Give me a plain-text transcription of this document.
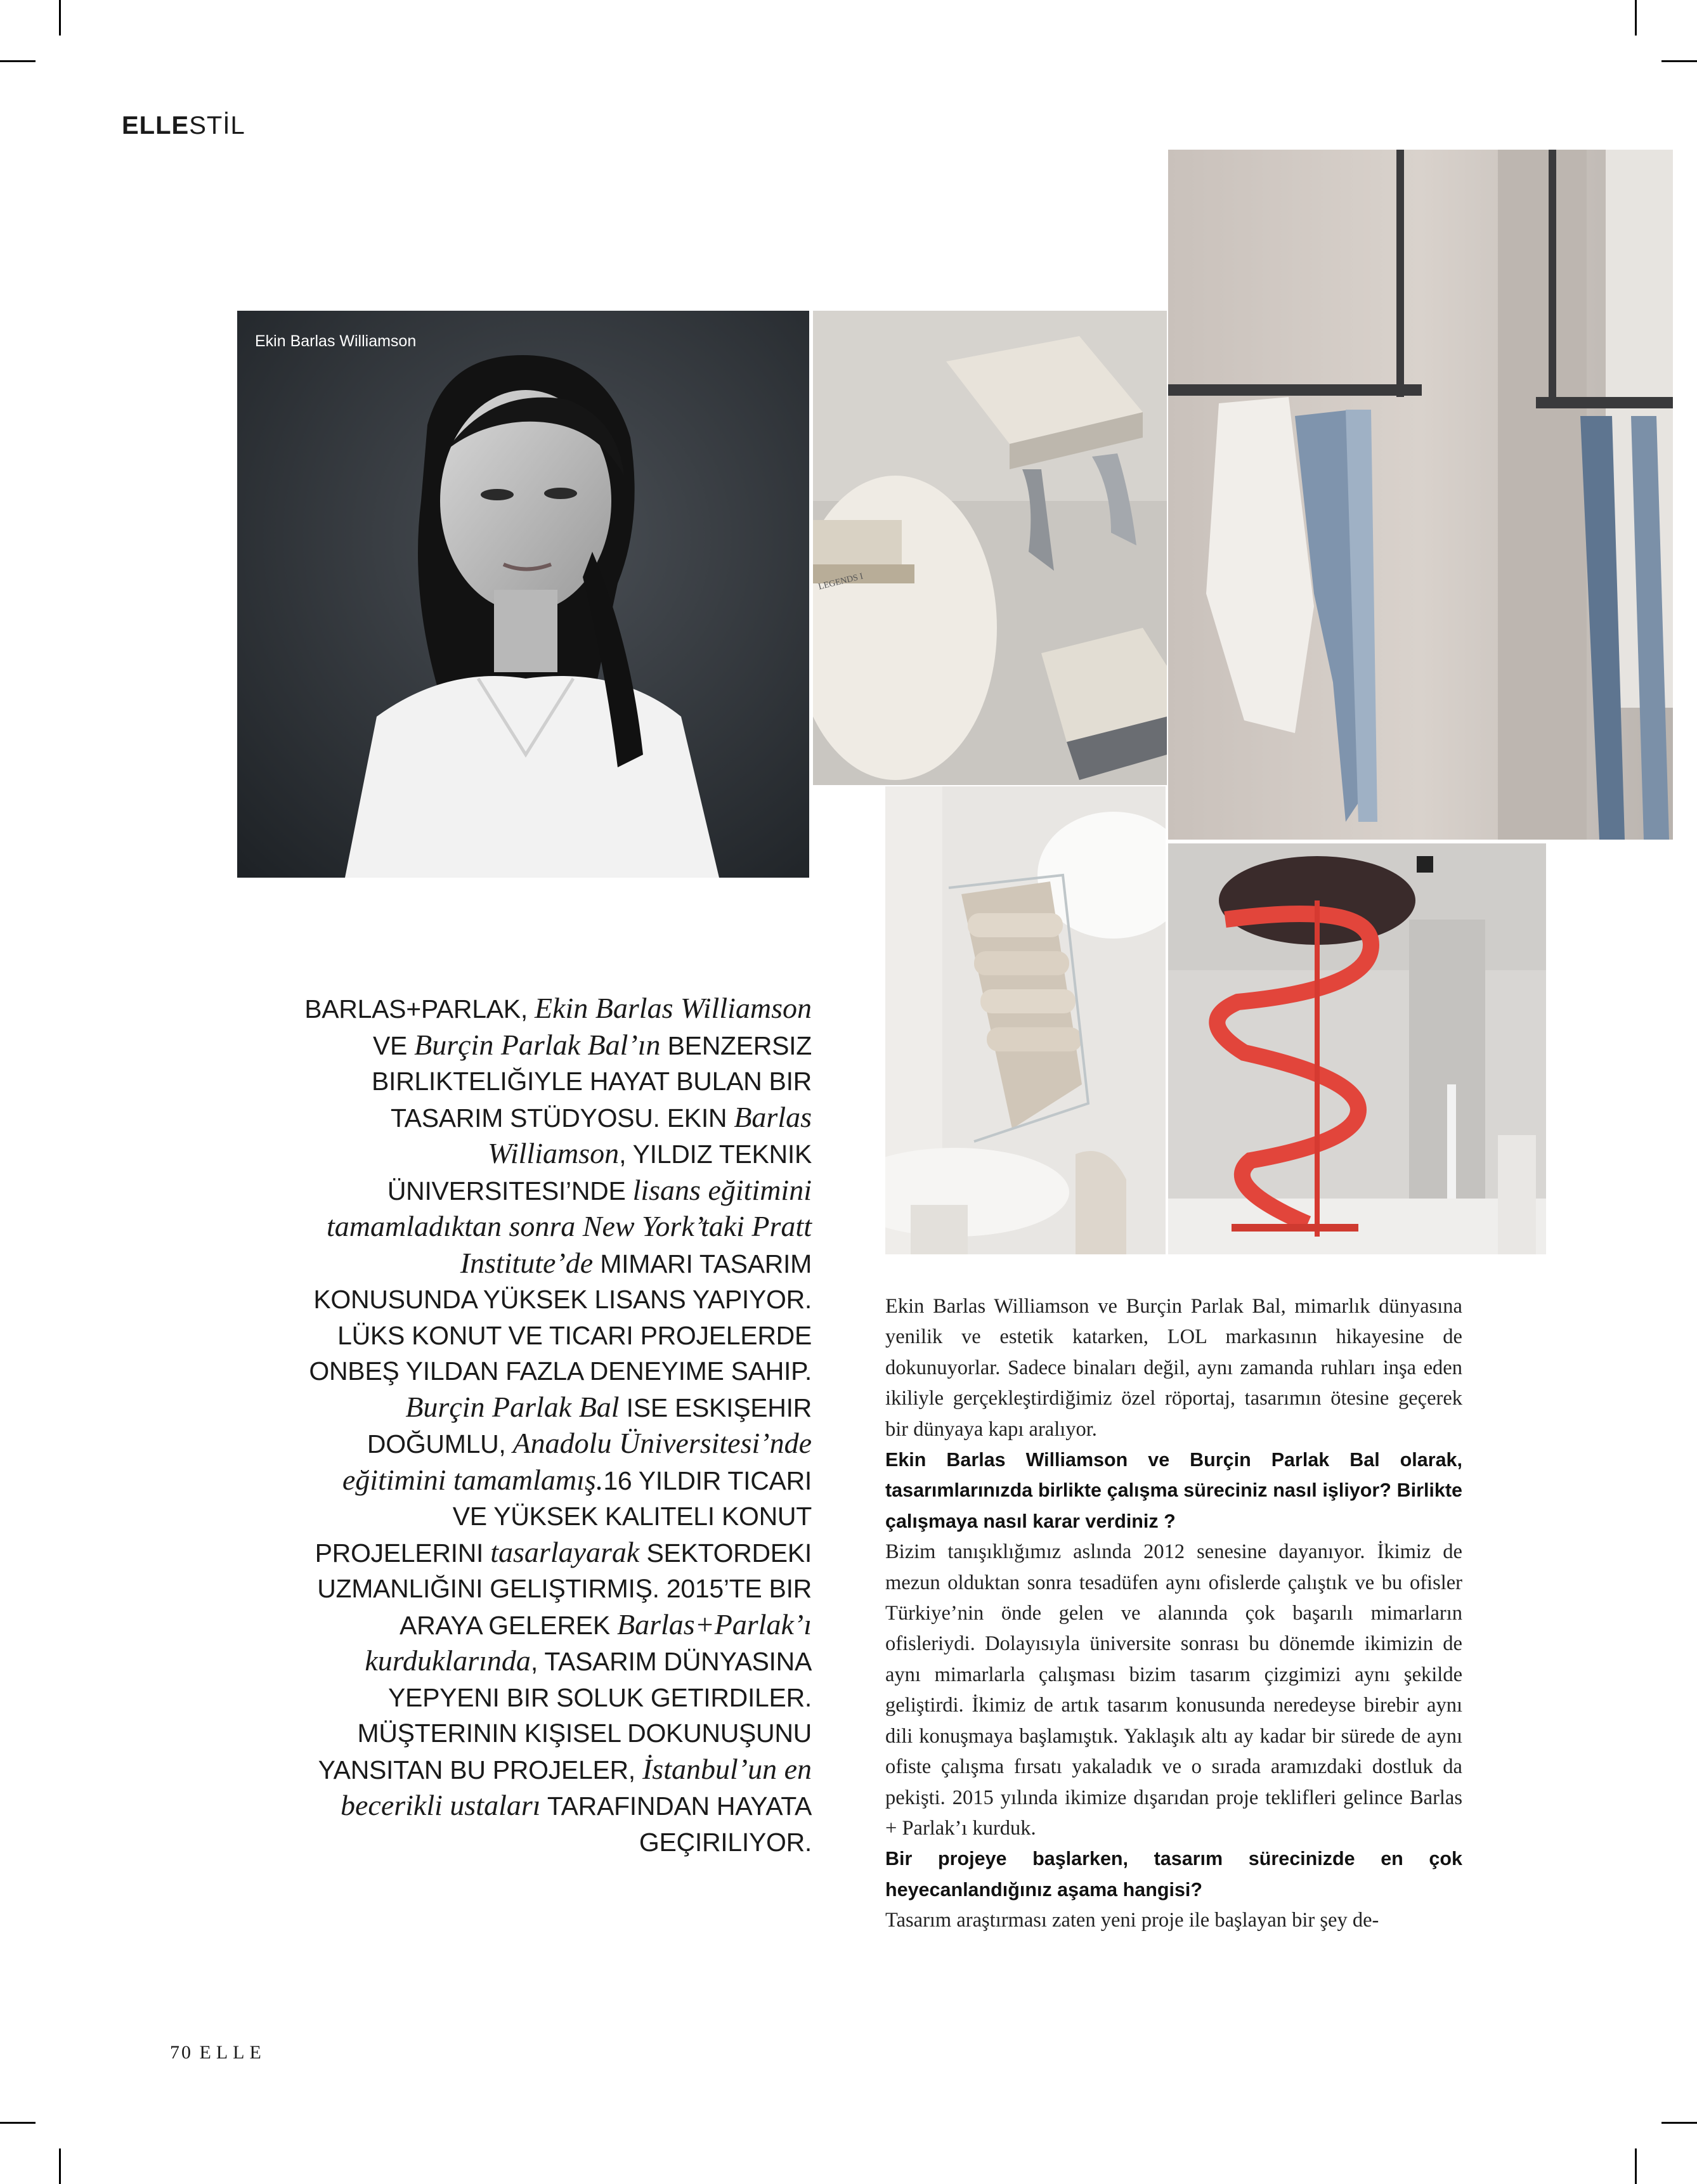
ELLESTİL
Ekin Barlas Williamson
LEGENDS I
BARLAS+PARLAK, Ekin Barlas Williamson VE Burçin Parlak Bal’ın BENZERSIZ BIRLIKTELIĞIYLE HAYAT BULAN BIR TASARIM STÜDYOSU. EKIN Barlas Williamson, YILDIZ TEKNIK ÜNIVERSITESI’NDE lisans eğitimini tamamladıktan sonra New York’taki Pratt Institute’de MIMARI TASARIM KONUSUNDA YÜKSEK LISANS YAPIYOR. LÜKS KONUT VE TICARI PROJELERDE ONBEŞ YILDAN FAZLA DENEYIME SAHIP. Burçin Parlak Bal ISE ESKIŞEHIR DOĞUMLU, Anadolu Üniversitesi’nde eğitimini tamamlamış.16 YILDIR TICARI VE YÜKSEK KALITELI KONUT PROJELERINI tasarlayarak SEKTORDEKI UZMANLIĞINI GELIŞTIRMIŞ. 2015’TE BIR ARAYA GELEREK Barlas+Parlak’ı kurduklarında, TASARIM DÜNYASINA YEPYENI BIR SOLUK GETIRDILER. MÜŞTERININ KIŞISEL DOKUNUŞUNU YANSITAN BU PROJELER, İstanbul’un en becerikli ustaları TARAFINDAN HAYATA GEÇIRILIYOR.

Ekin Barlas Williamson ve Burçin Parlak Bal, mimarlık dünyasına yenilik ve estetik katarken, LOL markasının hikayesine de dokunuyorlar. Sadece binaları değil, aynı zamanda ruhları inşa eden ikiliyle gerçekleştirdiğimiz özel röportaj, tasarımın ötesine geçerek bir dünyaya kapı aralıyor.

Ekin Barlas Williamson ve Burçin Parlak Bal olarak, tasarımlarınızda birlikte çalışma süreciniz nasıl işliyor? Birlikte çalışmaya nasıl karar verdiniz ?

Bizim tanışıklığımız aslında 2012 senesine dayanıyor. İkimiz de mezun olduktan sonra tesadüfen aynı ofislerde çalıştık ve bu ofisler Türkiye’nin önde gelen ve alanında çok başarılı mimarların ofisleriydi. Dolayısıyla üniversite sonrası bu dönemde ikimizin de aynı mimarlarla çalışması bizim tasarım çizgimizi aynı şekilde geliştirdi. İkimiz de artık tasarım konusunda neredeyse birebir aynı dili konuşmaya başlamıştık. Yaklaşık altı ay kadar bir sürede de aynı ofiste çalışma fırsatı yakaladık ve o sırada aramızdaki dostluk da pekişti. 2015 yılında ikimize dışarıdan proje teklifleri gelince Barlas + Parlak’ı kurduk.

Bir projeye başlarken, tasarım sürecinizde en çok heyecanlandığınız aşama hangisi?

Tasarım araştırması zaten yeni proje ile başlayan bir şey de-

70 ELLE
